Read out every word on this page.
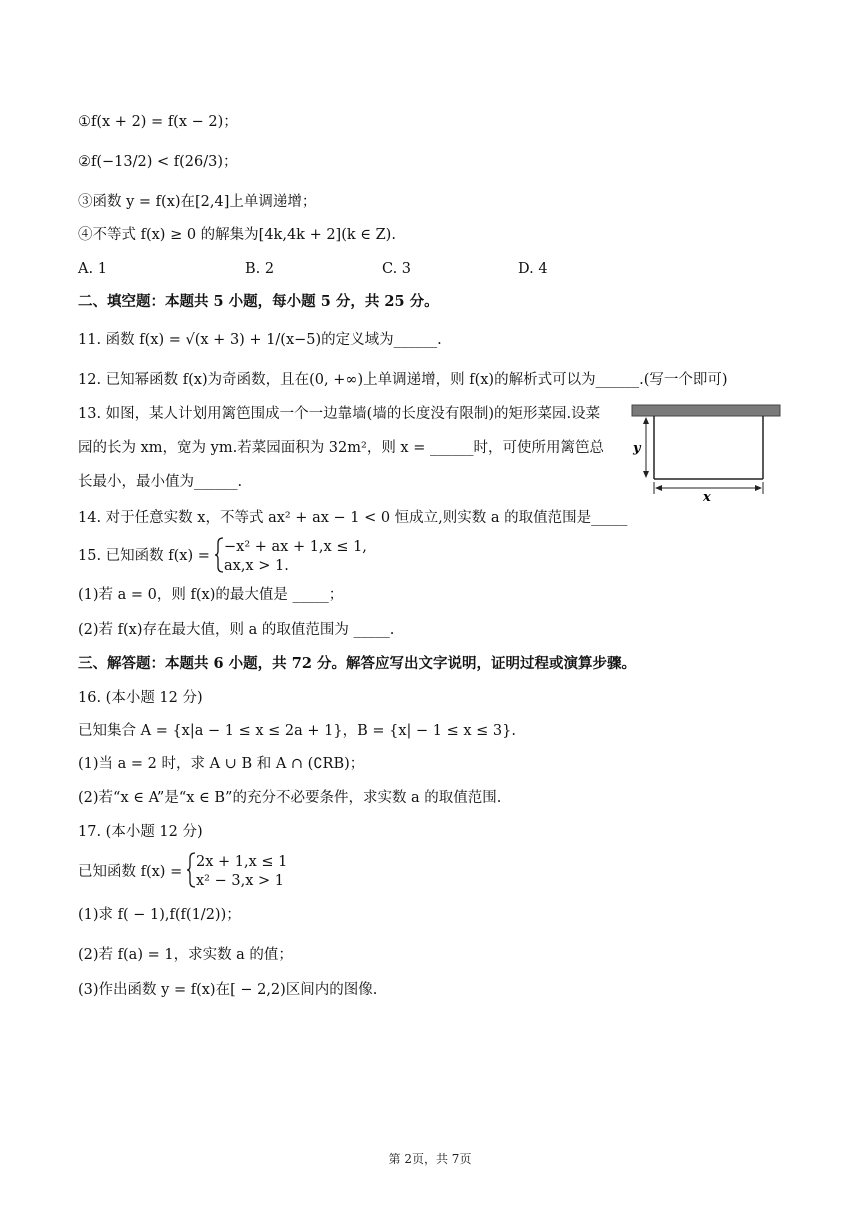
①f(x + 2) = f(x − 2)；
②f(−13/2) < f(26/3)；
③函数 y = f(x)在[2,4]上单调递增；
④不等式 f(x) ≥ 0 的解集为[4k,4k + 2](k ∈ Z).
A. 1	B. 2	C. 3	D. 4
二、填空题：本题共 5 小题，每小题 5 分，共 25 分。
11. 函数 f(x) = √(x + 3) + 1/(x−5)的定义域为______.
12. 已知幂函数 f(x)为奇函数，且在(0, +∞)上单调递增，则 f(x)的解析式可以为______.(写一个即可)
13. 如图，某人计划用篱笆围成一个一边靠墙(墙的长度没有限制)的矩形菜园.设菜
园的长为 xm，宽为 ym.若菜园面积为 32m²，则 x = ______时，可使所用篱笆总
长最小，最小值为______.
y
x
14. 对于任意实数 x，不等式 ax² + ax − 1 < 0 恒成立,则实数 a 的取值范围是_____
15. 已知函数 f(x) =
−x² + ax + 1,x ≤ 1,
ax,x > 1.
(1)若 a = 0，则 f(x)的最大值是 _____；
(2)若 f(x)存在最大值，则 a 的取值范围为 _____.
三、解答题：本题共 6 小题，共 72 分。解答应写出文字说明，证明过程或演算步骤。
16. (本小题 12 分)
已知集合 A = {x|a − 1 ≤ x ≤ 2a + 1}，B = {x| − 1 ≤ x ≤ 3}.
(1)当 a = 2 时，求 A ∪ B 和 A ∩ (∁RB)；
(2)若“x ∈ A”是“x ∈ B”的充分不必要条件，求实数 a 的取值范围.
17. (本小题 12 分)
已知函数 f(x) =
2x + 1,x ≤ 1
x² − 3,x > 1
(1)求 f( − 1),f(f(1/2))；
(2)若 f(a) = 1，求实数 a 的值；
(3)作出函数 y = f(x)在[ − 2,2)区间内的图像.
第 2页，共 7页
